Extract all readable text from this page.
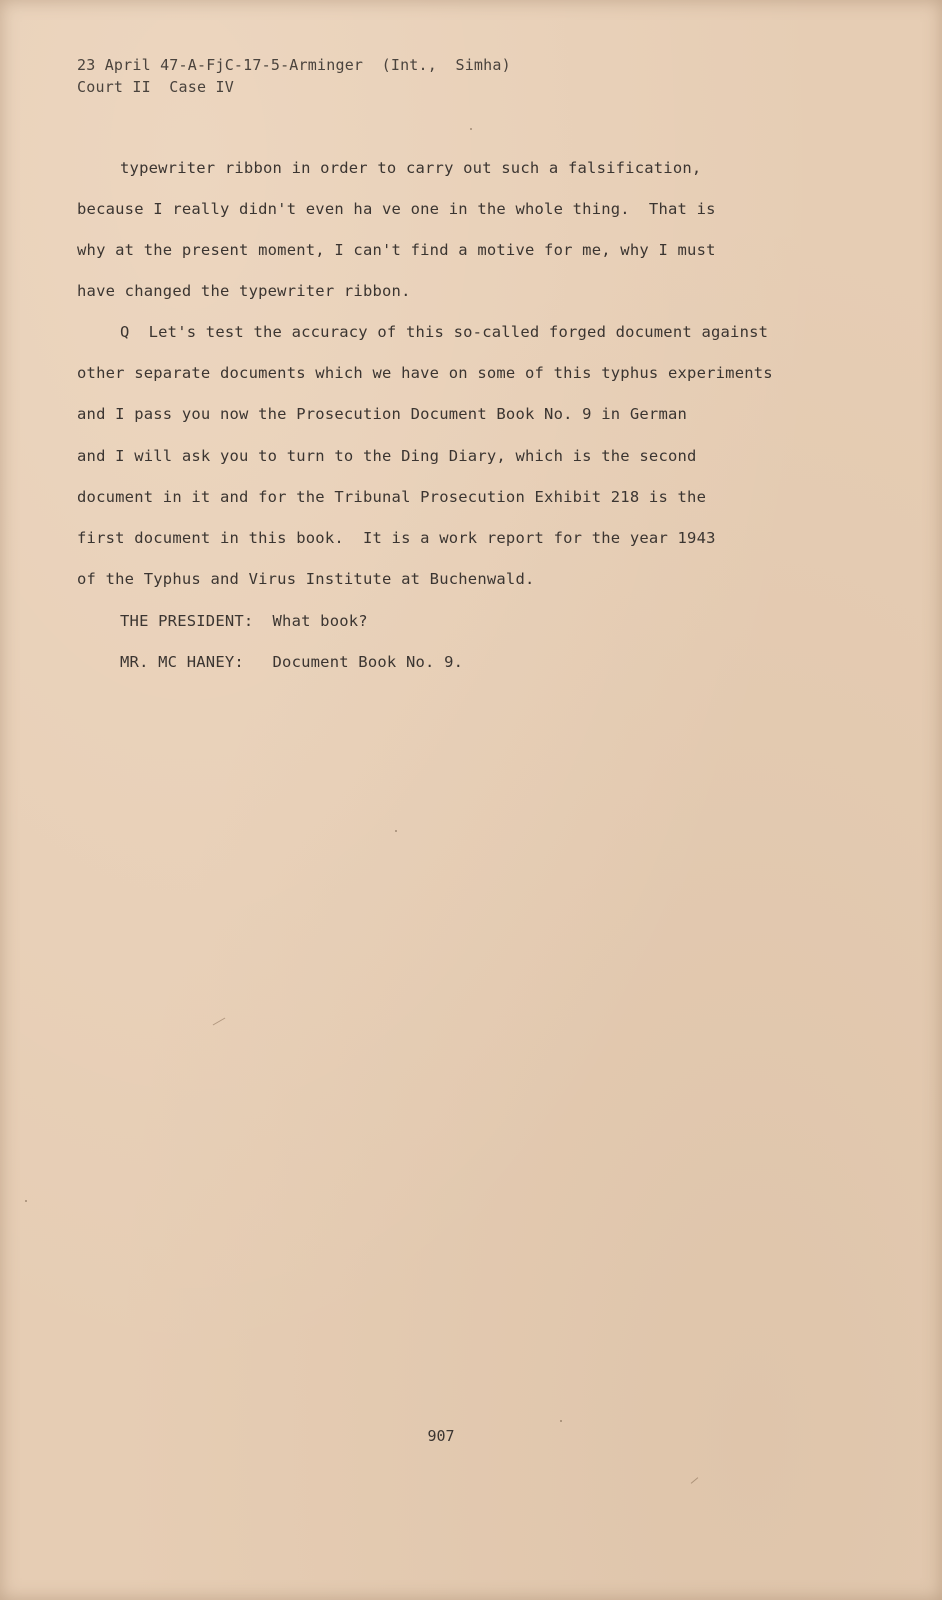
23 April 47-A-FjC-17-5-Arminger  (Int.,  Simha)
Court II  Case IV
typewriter ribbon in order to carry out such a falsification,
because I really didn't even ha ve one in the whole thing.  That is
why at the present moment, I can't find a motive for me, why I must
have changed the typewriter ribbon.
Q  Let's test the accuracy of this so-called forged document against
other separate documents which we have on some of this typhus experiments
and I pass you now the Prosecution Document Book No. 9 in German
and I will ask you to turn to the Ding Diary, which is the second
document in it and for the Tribunal Prosecution Exhibit 218 is the
first document in this book.  It is a work report for the year 1943
of the Typhus and Virus Institute at Buchenwald.
THE PRESIDENT:  What book?
MR. MC HANEY:   Document Book No. 9.
907
